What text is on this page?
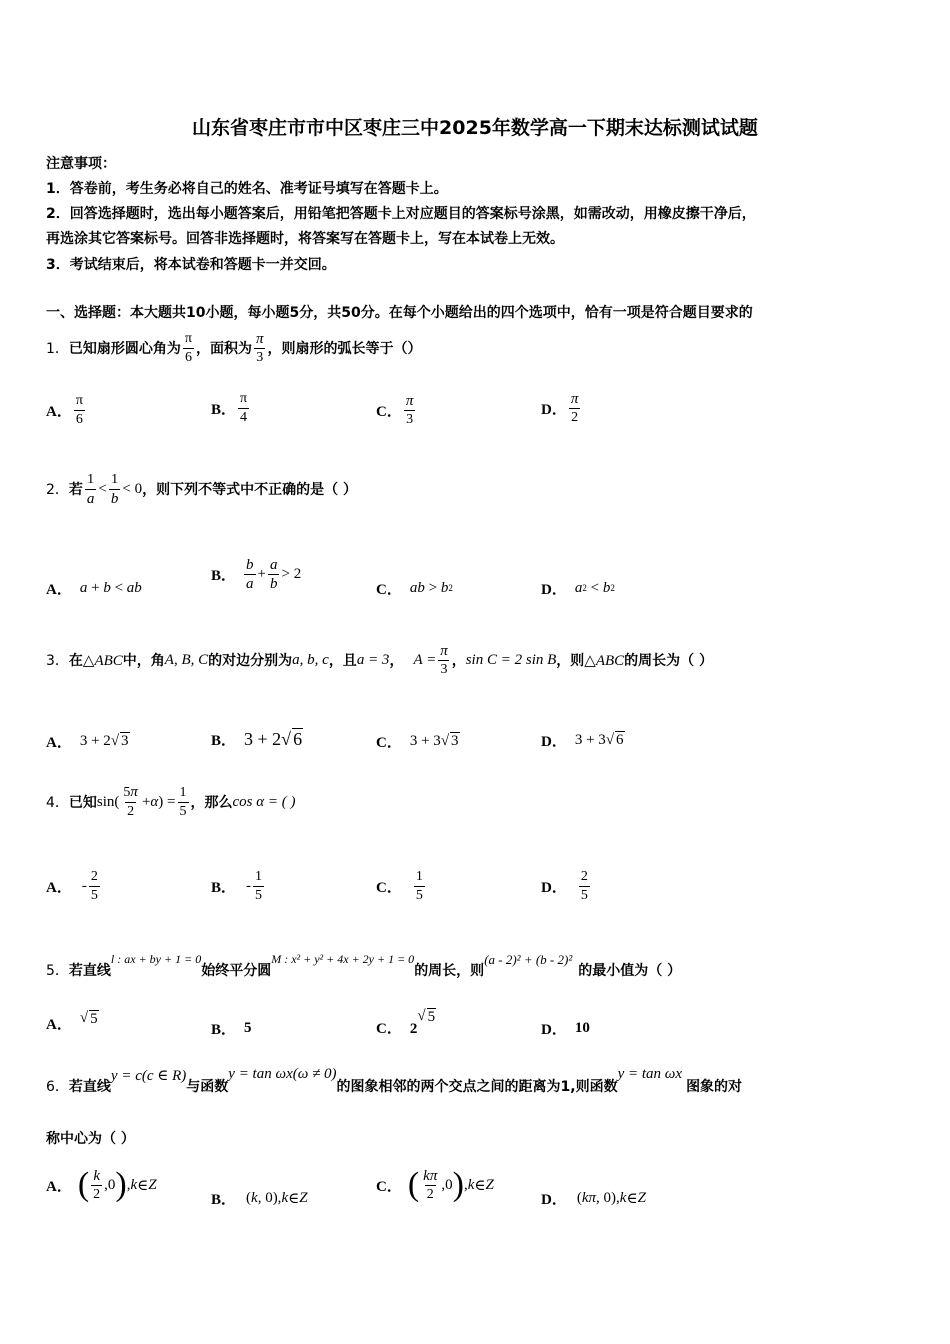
山东省枣庄市市中区枣庄三中2025年数学高一下期末达标测试试题
注意事项：
1．答卷前，考生务必将自己的姓名、准考证号填写在答题卡上。
2．回答选择题时，选出每小题答案后，用铅笔把答题卡上对应题目的答案标号涂黑，如需改动，用橡皮擦干净后，
再选涂其它答案标号。回答非选择题时，将答案写在答题卡上，写在本试卷上无效。
3．考试结束后，将本试卷和答题卡一并交回。
一、选择题：本大题共10小题，每小题5分，共50分。在每个小题给出的四个选项中，恰有一项是符合题目要求的
1． 已知扇形圆心角为 $\frac{\pi}{6}$ ，面积为 $\frac{\pi}{3}$ ，则扇形的弧长等于（）
A． $\frac{\pi}{6}$	B． $\frac{\pi}{4}$	C． $\frac{\pi}{3}$	D． $\frac{\pi}{2}$
2． 若 $\frac{1}{a} < \frac{1}{b} < 0$ ，则下列不等式中不正确的是（ ）
A． a + b < ab
B． $\frac{b}{a} + \frac{a}{b} > 2$
C． ab > b 2	D． a 2 < b 2
3． 在 △ABC 中，角 A, B, C 的对边分别为 a, b, c ，且 a = 3 ， $A = \frac{\pi}{3}$ ， sin C = 2 sin B ，则 △ABC 的周长为（ ）
A． 3 + 2 √ 3	B． 3 + 2 √ 6	C． 3 + 3 √ 3	D． 3 + 3 √ 6
4． 已知 $\sin( \frac{5\pi}{2} + \alpha$ ) = $\frac{1}{5}$ ，那么 cos α = ( )
A． - $\frac{2}{5}$	B． - $\frac{1}{5}$	C． $\frac{1}{5}$	D． $\frac{2}{5}$
5． 若直线
l : ax + by + 1 = 0
始终平分圆
M : x² + y² + 4x + 2y + 1 = 0
的周长，则
(a - 2)² + (b - 2)²
的最小值为（ ）
A． √ 5
B． 5	C． 2
√ 5
D． 10
6． 若直线
y = c(c ∈ R)
与函数
y = tan ωx(ω ≠ 0)
的图象相邻的两个交点之间的距离为1,则函数
y = tan ωx
图象的对
称中心为（ ）
A． ( $\frac{k}{2} ,0$ ) , k ∈ Z
B． ( k , 0), k ∈ Z
C． ( $\frac{k\pi}{2} ,0$ ) , k ∈ Z
D． ( kπ , 0), k ∈ Z
